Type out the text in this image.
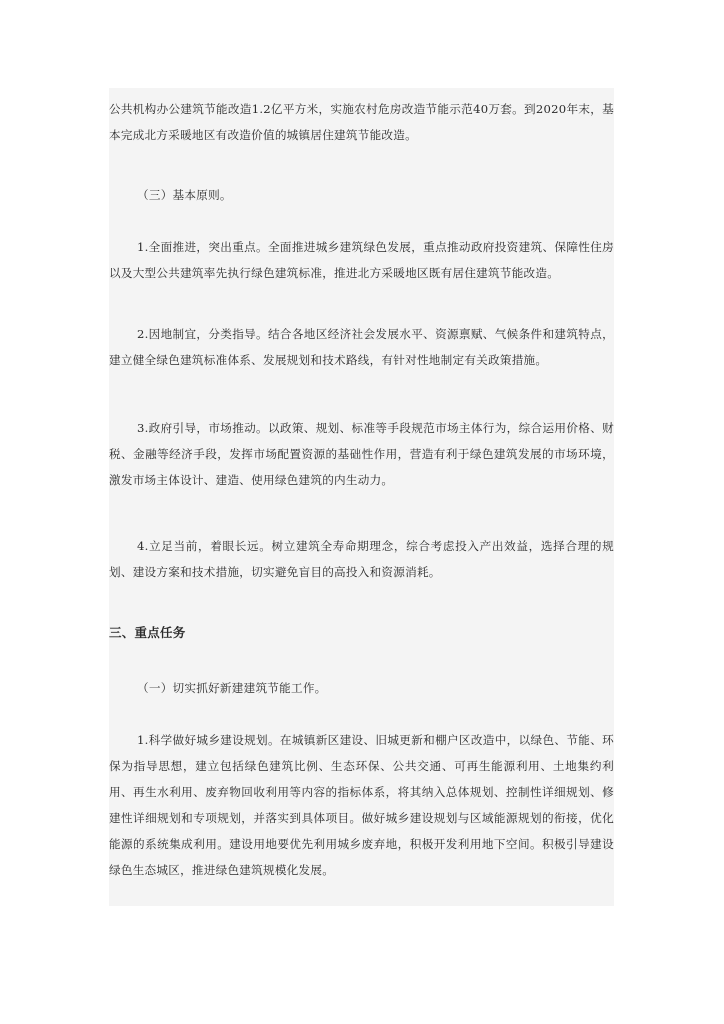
公共机构办公建筑节能改造1.2亿平方米，实施农村危房改造节能示范40万套。到2020年末，基本完成北方采暖地区有改造价值的城镇居住建筑节能改造。

（三）基本原则。

1.全面推进，突出重点。全面推进城乡建筑绿色发展，重点推动政府投资建筑、保障性住房以及大型公共建筑率先执行绿色建筑标准，推进北方采暖地区既有居住建筑节能改造。

2.因地制宜，分类指导。结合各地区经济社会发展水平、资源禀赋、气候条件和建筑特点，建立健全绿色建筑标准体系、发展规划和技术路线，有针对性地制定有关政策措施。

3.政府引导，市场推动。以政策、规划、标准等手段规范市场主体行为，综合运用价格、财税、金融等经济手段，发挥市场配置资源的基础性作用，营造有利于绿色建筑发展的市场环境，激发市场主体设计、建造、使用绿色建筑的内生动力。

4.立足当前，着眼长远。树立建筑全寿命期理念，综合考虑投入产出效益，选择合理的规划、建设方案和技术措施，切实避免盲目的高投入和资源消耗。

三、重点任务

（一）切实抓好新建建筑节能工作。

1.科学做好城乡建设规划。在城镇新区建设、旧城更新和棚户区改造中，以绿色、节能、环保为指导思想，建立包括绿色建筑比例、生态环保、公共交通、可再生能源利用、土地集约利用、再生水利用、废弃物回收利用等内容的指标体系，将其纳入总体规划、控制性详细规划、修建性详细规划和专项规划，并落实到具体项目。做好城乡建设规划与区域能源规划的衔接，优化能源的系统集成利用。建设用地要优先利用城乡废弃地，积极开发利用地下空间。积极引导建设绿色生态城区，推进绿色建筑规模化发展。
